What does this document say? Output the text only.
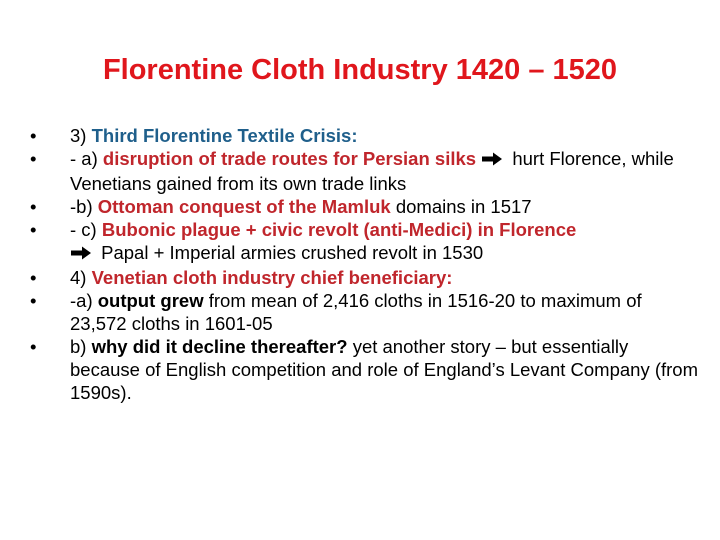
Florentine Cloth Industry 1420 – 1520
•	3) Third Florentine Textile Crisis:
•	- a) disruption of trade routes for Persian silks  hurt Florence, while Venetians gained from its own trade links
•	-b) Ottoman conquest of the Mamluk domains in 1517
•	- c) Bubonic plague + civic revolt (anti-Medici) in Florence
Papal + Imperial armies crushed revolt in 1530
•	4) Venetian cloth industry chief beneficiary:
•	-a) output grew from mean of 2,416 cloths in 1516-20 to maximum of 23,572 cloths in 1601-05
•	b) why did it decline thereafter? yet another story – but essentially because of English competition and role of England’s Levant Company (from 1590s).
